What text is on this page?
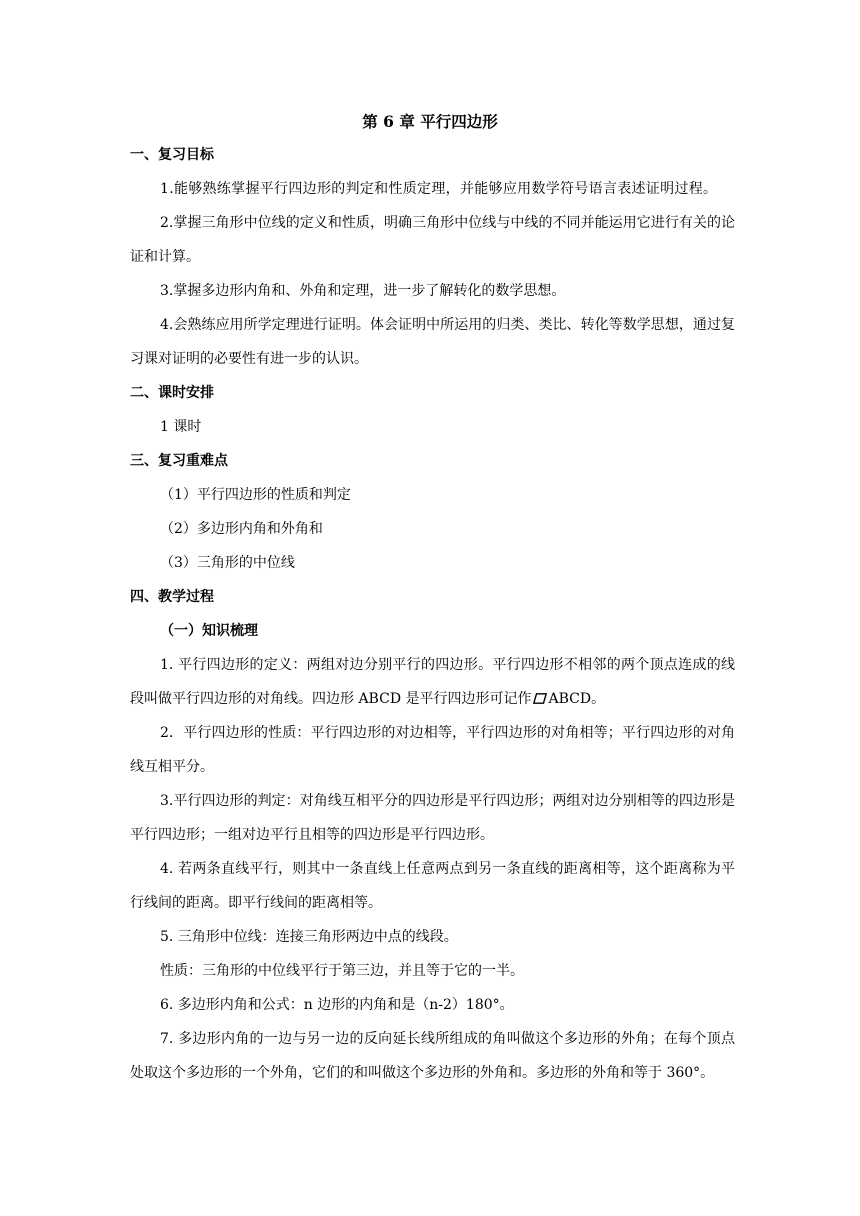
第 6 章 平行四边形
一、复习目标
1.能够熟练掌握平行四边形的判定和性质定理，并能够应用数学符号语言表述证明过程。
2.掌握三角形中位线的定义和性质，明确三角形中位线与中线的不同并能运用它进行有关的论证和计算。
3.掌握多边形内角和、外角和定理，进一步了解转化的数学思想。
4.会熟练应用所学定理进行证明。体会证明中所运用的归类、类比、转化等数学思想，通过复习课对证明的必要性有进一步的认识。
二、课时安排
1 课时
三、复习重难点
（1）平行四边形的性质和判定
（2）多边形内角和外角和
（3）三角形的中位线
四、教学过程
（一）知识梳理
1. 平行四边形的定义：两组对边分别平行的四边形。平行四边形不相邻的两个顶点连成的线段叫做平行四边形的对角线。四边形 ABCD 是平行四边形可记作 ABCD。
2．平行四边形的性质：平行四边形的对边相等，平行四边形的对角相等；平行四边形的对角线互相平分。
3.平行四边形的判定：对角线互相平分的四边形是平行四边形；两组对边分别相等的四边形是平行四边形；一组对边平行且相等的四边形是平行四边形。
4. 若两条直线平行，则其中一条直线上任意两点到另一条直线的距离相等，这个距离称为平行线间的距离。即平行线间的距离相等。
5. 三角形中位线：连接三角形两边中点的线段。
性质：三角形的中位线平行于第三边，并且等于它的一半。
6. 多边形内角和公式：n 边形的内角和是（n-2）180°。
7. 多边形内角的一边与另一边的反向延长线所组成的角叫做这个多边形的外角；在每个顶点处取这个多边形的一个外角，它们的和叫做这个多边形的外角和。多边形的外角和等于 360°。
